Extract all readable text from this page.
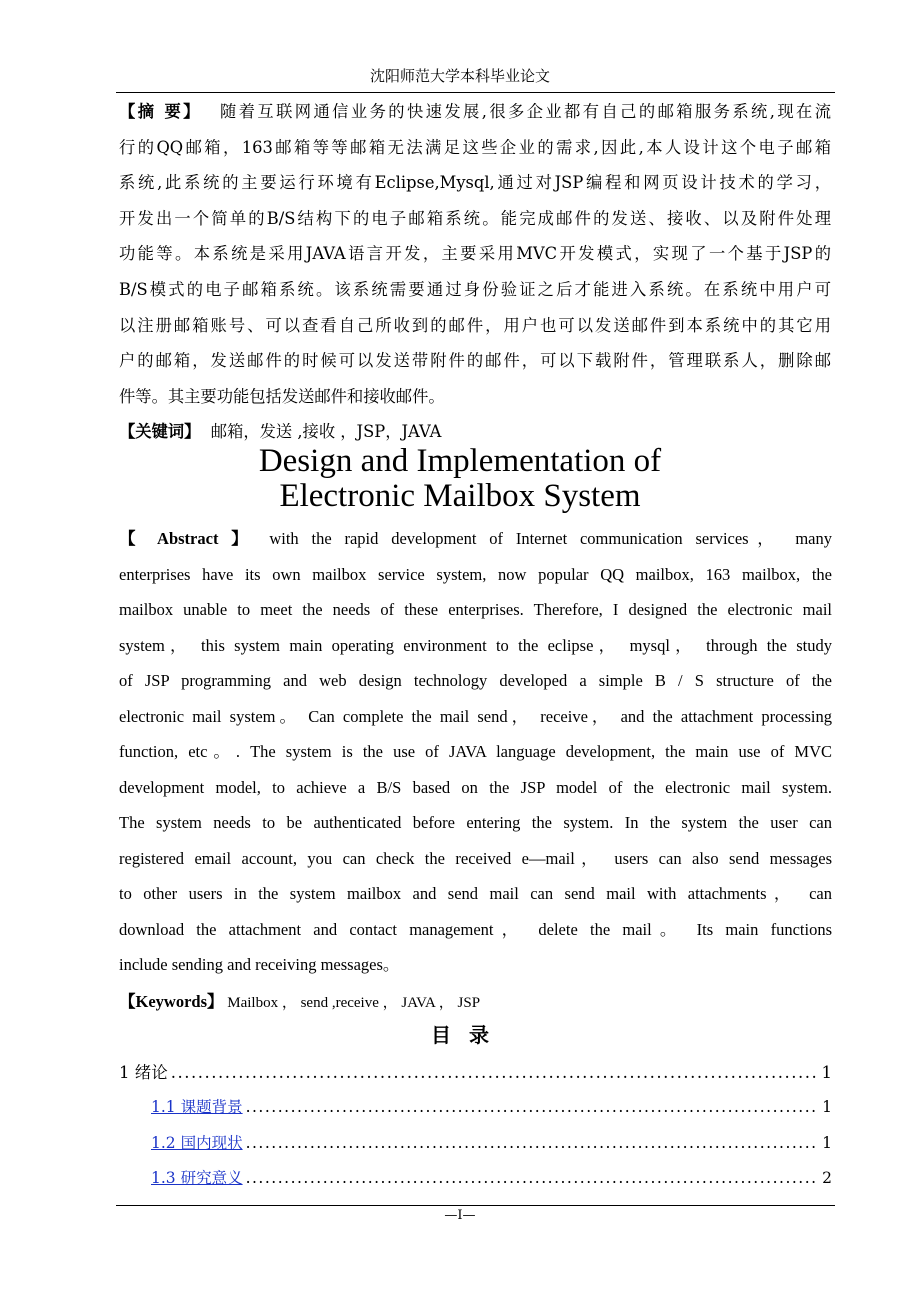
沈阳师范大学本科毕业论文
【摘 要】　 随着互联网通信业务的快速发展,很多企业都有自己的邮箱服务系统,现在流
行的QQ邮箱，163邮箱等等邮箱无法满足这些企业的需求,因此,本人设计这个电子邮箱
系统,此系统的主要运行环境有Eclipse,Mysql,通过对JSP编程和网页设计技术的学习，
开发出一个简单的B/S结构下的电子邮箱系统。能完成邮件的发送、接收、以及附件处理
功能等。本系统是采用JAVA语言开发，主要采用MVC开发模式，实现了一个基于JSP的
B/S模式的电子邮箱系统。该系统需要通过身份验证之后才能进入系统。在系统中用户可
以注册邮箱账号、可以查看自己所收到的邮件，用户也可以发送邮件到本系统中的其它用
户的邮箱，发送邮件的时候可以发送带附件的邮件，可以下载附件，管理联系人，删除邮
件等。其主要功能包括发送邮件和接收邮件。
【关键词】 邮箱，发送 ,接收 ，JSP，JAVA
Design and Implementation of
Electronic Mailbox System
【 Abstract 】 with the rapid development of Internet communication services， many
enterprises have its own mailbox service system, now popular QQ mailbox, 163 mailbox, the
mailbox unable to meet the needs of these enterprises. Therefore, I designed the electronic mail
system， this system main operating environment to the eclipse， mysql， through the study
of JSP programming and web design technology developed a simple B / S structure of the
electronic mail system。 Can complete the mail send， receive， and the attachment processing
function, etc。. The system is the use of JAVA language development, the main use of MVC
development model, to achieve a B/S based on the JSP model of the electronic mail system.
The system needs to be authenticated before entering the system. In the system the user can
registered email account, you can check the received e—mail， users can also send messages
to other users in the system mailbox and send mail can send mail with attachments， can
download the attachment and contact management， delete the mail。 Its main functions
include sending and receiving messages。
【Keywords】 Mailbox ， send ,receive ， JAVA ， JSP
目录
1 绪论 .....	1
1.1 课题背景 .....	1
1.2 国内现状 .....	1
1.3 研究意义 .....	2
—I—
